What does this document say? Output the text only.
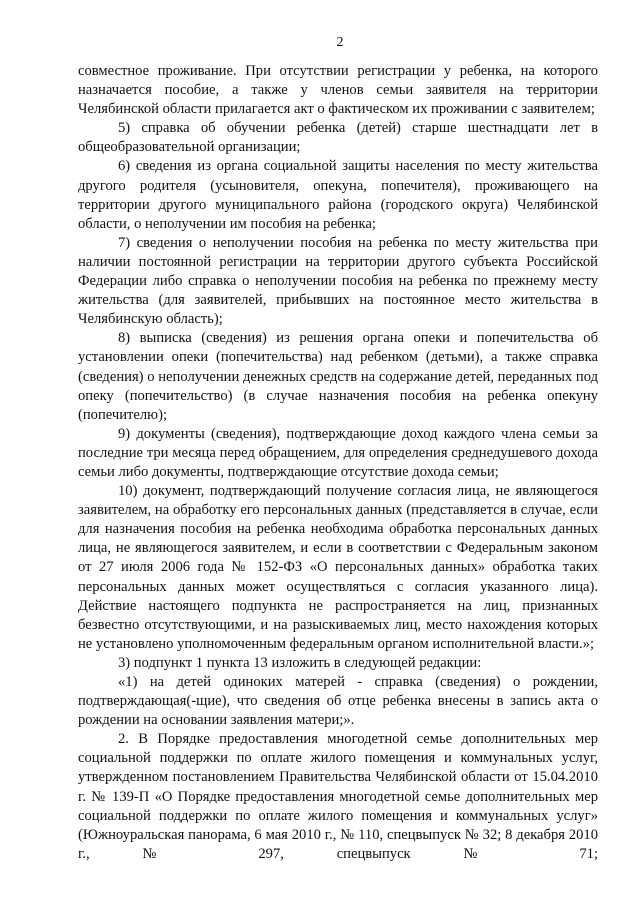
2

совместное проживание. При отсутствии регистрации у ребенка, на которого назначается пособие, а также у членов семьи заявителя на территории Челябинской области прилагается акт о фактическом их проживании с заявителем;

5) справка об обучении ребенка (детей) старше шестнадцати лет в общеобразовательной организации;

6) сведения из органа социальной защиты населения по месту жительства другого родителя (усыновителя, опекуна, попечителя), проживающего на территории другого муниципального района (городского округа) Челябинской области, о неполучении им пособия на ребенка;

7) сведения о неполучении пособия на ребенка по месту жительства при наличии постоянной регистрации на территории другого субъекта Российской Федерации либо справка о неполучении пособия на ребенка по прежнему месту жительства (для заявителей, прибывших на постоянное место жительства в Челябинскую область);

8) выписка (сведения) из решения органа опеки и попечительства об установлении опеки (попечительства) над ребенком (детьми), а также справка (сведения) о неполучении денежных средств на содержание детей, переданных под опеку (попечительство) (в случае назначения пособия на ребенка опекуну (попечителю);

9) документы (сведения), подтверждающие доход каждого члена семьи за последние три месяца перед обращением, для определения среднедушевого дохода семьи либо документы, подтверждающие отсутствие дохода семьи;

10) документ, подтверждающий получение согласия лица, не являющегося заявителем, на обработку его персональных данных (представляется в случае, если для назначения пособия на ребенка необходима обработка персональных данных лица, не являющегося заявителем, и если в соответствии с Федеральным законом от 27 июля 2006 года № 152-ФЗ «О персональных данных» обработка таких персональных данных может осуществляться с согласия указанного лица). Действие настоящего подпункта не распространяется на лиц, признанных безвестно отсутствующими, и на разыскиваемых лиц, место нахождения которых не установлено уполномоченным федеральным органом исполнительной власти.»;

3) подпункт 1 пункта 13 изложить в следующей редакции:

«1) на детей одиноких матерей - справка (сведения) о рождении, подтверждающая(-щие), что сведения об отце ребенка внесены в запись акта о рождении на основании заявления матери;».

2. В Порядке предоставления многодетной семье дополнительных мер социальной поддержки по оплате жилого помещения и коммунальных услуг, утвержденном постановлением Правительства Челябинской области от 15.04.2010 г. № 139-П «О Порядке предоставления многодетной семье дополнительных мер социальной поддержки по оплате жилого помещения и коммунальных услуг» (Южноуральская панорама, 6 мая 2010 г., № 110, спецвыпуск № 32; 8 декабря 2010 г., № 297, спецвыпуск № 71;
